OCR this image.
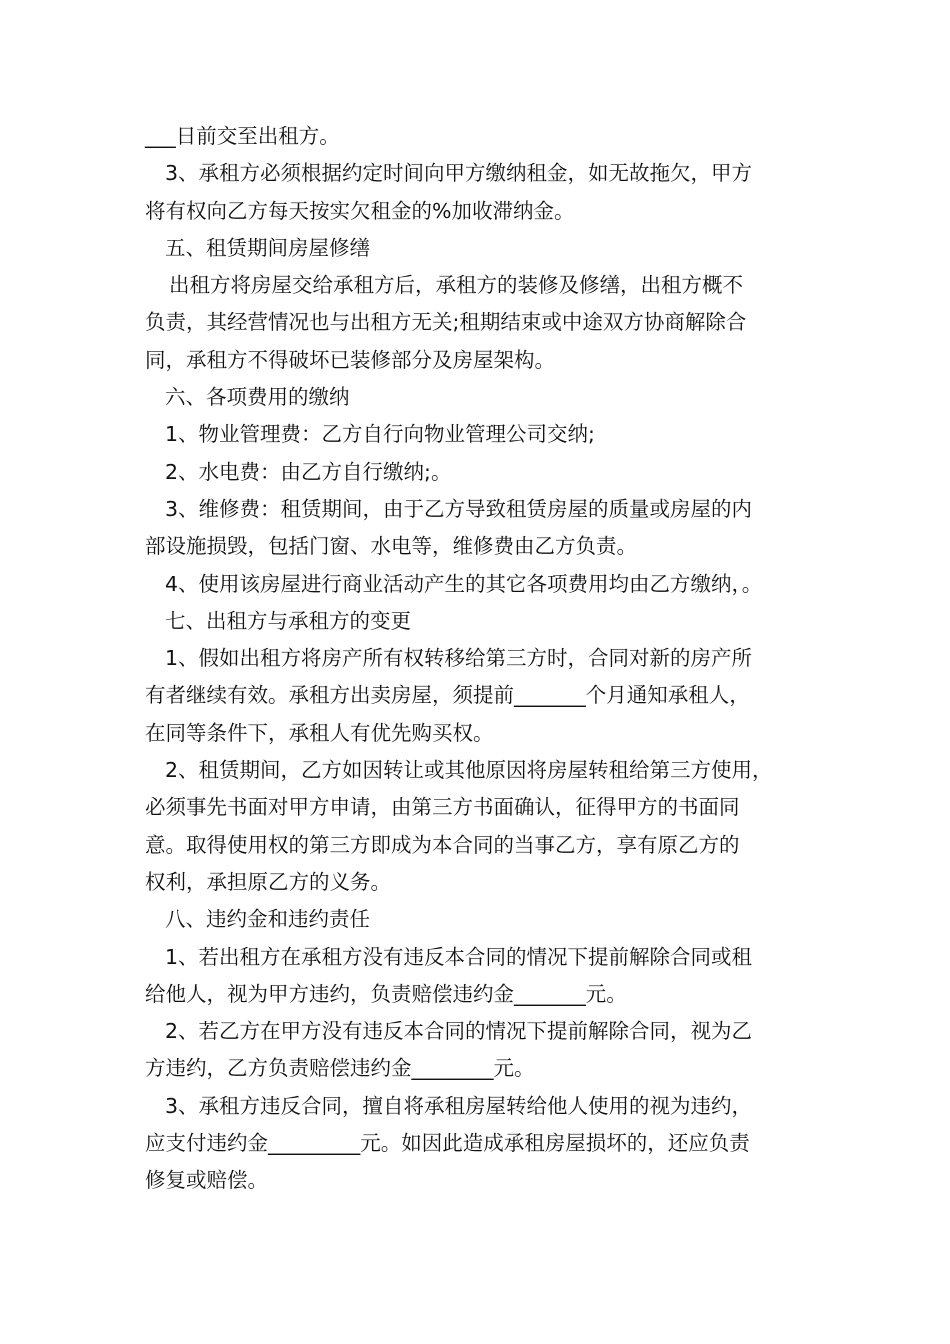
___日前交至出租方。
3、承租方必须根据约定时间向甲方缴纳租金，如无故拖欠，甲方
将有权向乙方每天按实欠租金的%加收滞纳金。
五、租赁期间房屋修缮
出租方将房屋交给承租方后，承租方的装修及修缮，出租方概不
负责，其经营情况也与出租方无关;租期结束或中途双方协商解除合
同，承租方不得破坏已装修部分及房屋架构。
六、各项费用的缴纳
1、物业管理费：乙方自行向物业管理公司交纳;
2、水电费：由乙方自行缴纳;。
3、维修费：租赁期间，由于乙方导致租赁房屋的质量或房屋的内
部设施损毁，包括门窗、水电等，维修费由乙方负责。
4、使用该房屋进行商业活动产生的其它各项费用均由乙方缴纳，。
七、出租方与承租方的变更
1、假如出租方将房产所有权转移给第三方时，合同对新的房产所
有者继续有效。承租方出卖房屋，须提前_______个月通知承租人，
在同等条件下，承租人有优先购买权。
2、租赁期间，乙方如因转让或其他原因将房屋转租给第三方使用，
必须事先书面对甲方申请，由第三方书面确认，征得甲方的书面同
意。取得使用权的第三方即成为本合同的当事乙方，享有原乙方的
权利，承担原乙方的义务。
八、违约金和违约责任
1、若出租方在承租方没有违反本合同的情况下提前解除合同或租
给他人，视为甲方违约，负责赔偿违约金_______元。
2、若乙方在甲方没有违反本合同的情况下提前解除合同，视为乙
方违约，乙方负责赔偿违约金________元。
3、承租方违反合同，擅自将承租房屋转给他人使用的视为违约，
应支付违约金_________元。如因此造成承租房屋损坏的，还应负责
修复或赔偿。
